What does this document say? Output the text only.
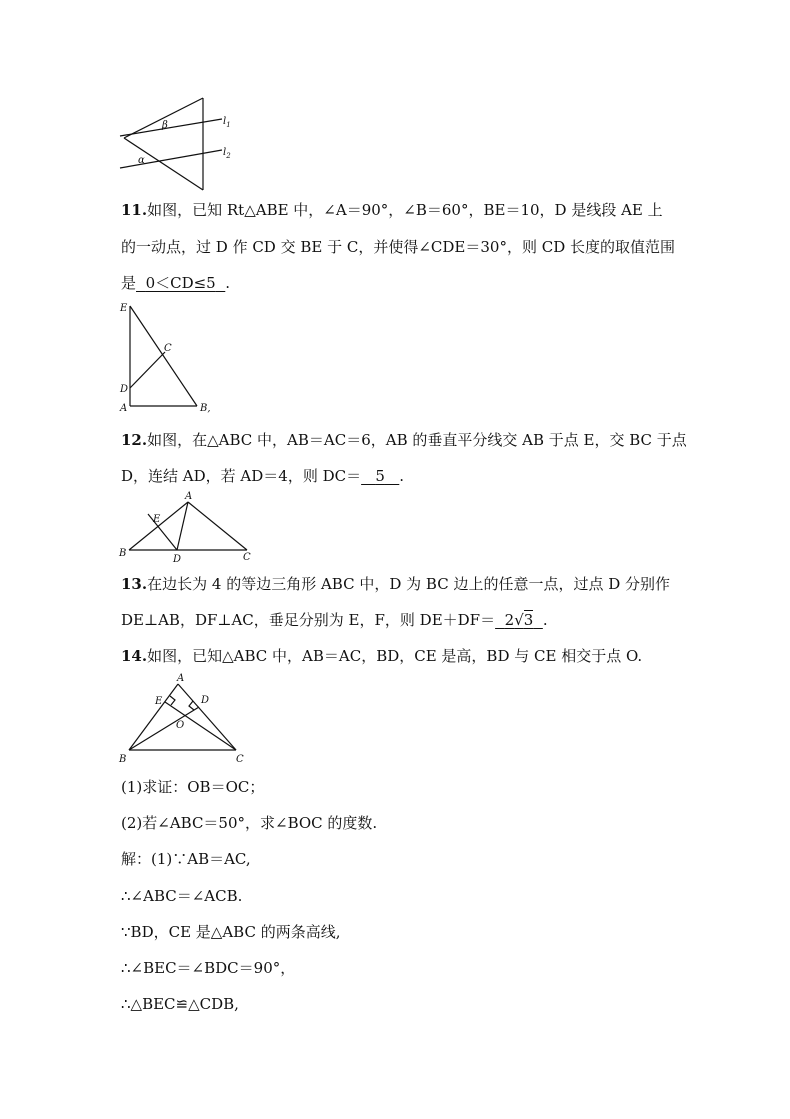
β
α
$l_1$
$l_2$
11.如图，已知 Rt△ABE 中，∠A＝90°，∠B＝60°，BE＝10，D 是线段 AE 上
的一动点，过 D 作 CD 交 BE 于 C，并使得∠CDE＝30°，则 CD 长度的取值范围
是 0＜CD≤5 .
E
C
D
A	B,
12.如图，在△ABC 中，AB＝AC＝6，AB 的垂直平分线交 AB 于点 E，交 BC 于点
D，连结 AD，若 AD＝4，则 DC＝ 5 .
A
E
B
D	C
13.在边长为 4 的等边三角形 ABC 中，D 为 BC 边上的任意一点，过点 D 分别作
DE⊥AB，DF⊥AC，垂足分别为 E，F，则 DE＋DF＝ 2√3 .
14.如图，已知△ABC 中，AB＝AC，BD，CE 是高，BD 与 CE 相交于点 O.
A
E	D
O
B	C
(1)求证：OB＝OC；
(2)若∠ABC＝50°，求∠BOC 的度数.
解：(1)∵AB＝AC,
∴∠ABC＝∠ACB.
∵BD，CE 是△ABC 的两条高线,
∴∠BEC＝∠BDC＝90°，
∴△BEC≌△CDB,
